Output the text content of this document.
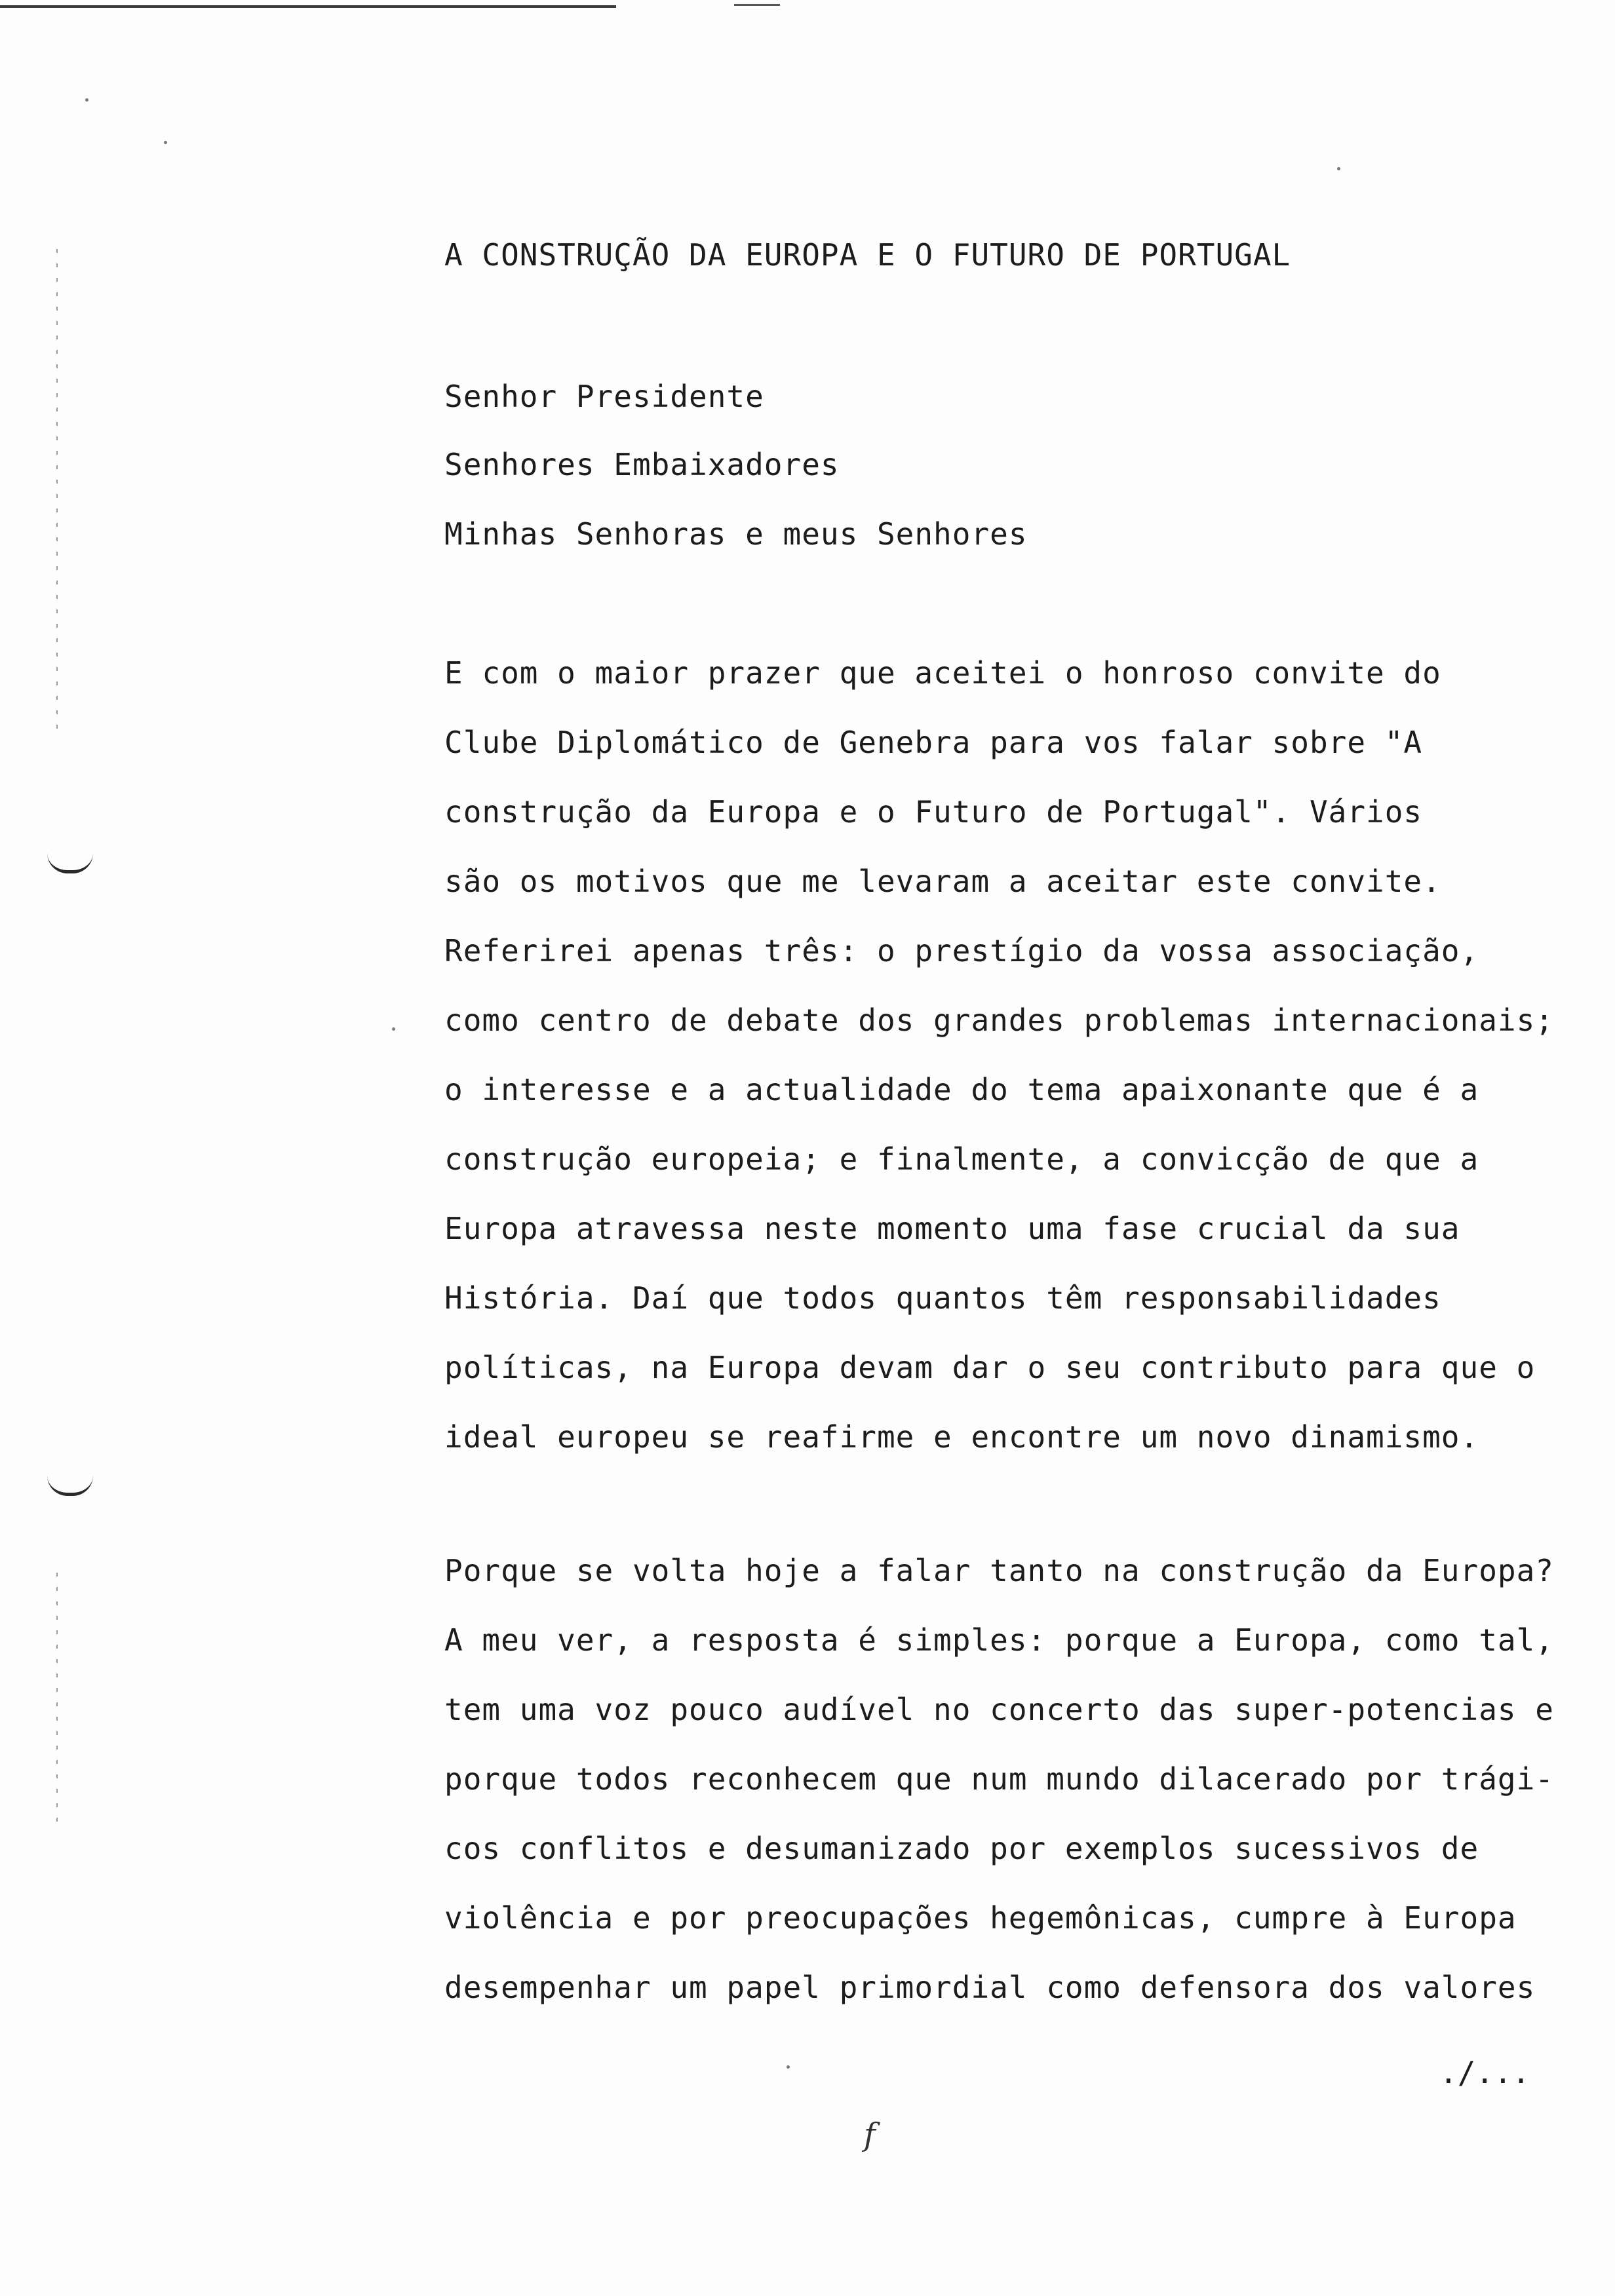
A CONSTRUÇÃO DA EUROPA E O FUTURO DE PORTUGAL
Senhor Presidente
Senhores Embaixadores
Minhas Senhoras e meus Senhores
E com o maior prazer que aceitei o honroso convite do
Clube Diplomático de Genebra para vos falar sobre "A
construção da Europa e o Futuro de Portugal". Vários
são os motivos que me levaram a aceitar este convite.
Referirei apenas três: o prestígio da vossa associação,
como centro de debate dos grandes problemas internacionais;
o interesse e a actualidade do tema apaixonante que é a
construção europeia; e finalmente, a convicção de que a
Europa atravessa neste momento uma fase crucial da sua
História. Daí que todos quantos têm responsabilidades
políticas, na Europa devam dar o seu contributo para que o
ideal europeu se reafirme e encontre um novo dinamismo.
Porque se volta hoje a falar tanto na construção da Europa?
A meu ver, a resposta é simples: porque a Europa, como tal,
tem uma voz pouco audível no concerto das super-potencias e
porque todos reconhecem que num mundo dilacerado por trági-
cos conflitos e desumanizado por exemplos sucessivos de
violência e por preocupações hegemônicas, cumpre à Europa
desempenhar um papel primordial como defensora dos valores
./...
f
